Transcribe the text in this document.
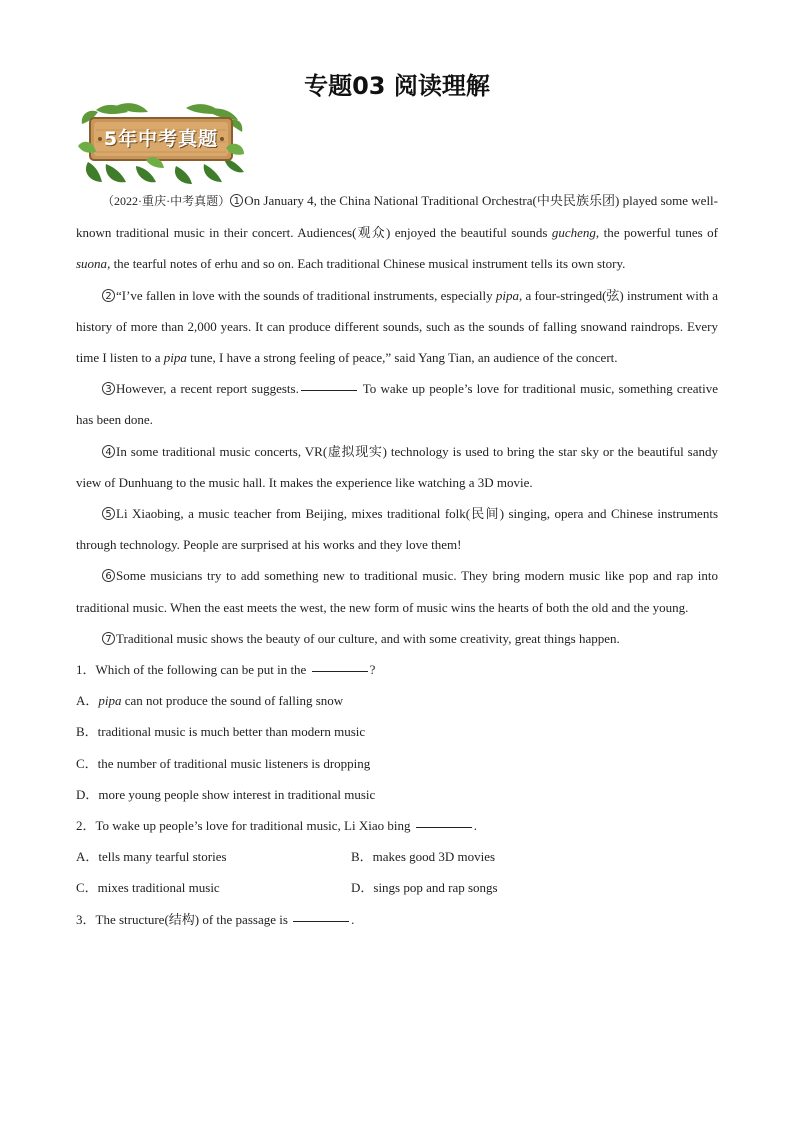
专题03 阅读理解
5年中考真题

（2022·重庆·中考真题） 1 On January 4, the China National Traditional Orchestra(中央民族乐团) played some well-known traditional music in their concert. Audiences(观众) enjoyed the beautiful sounds gucheng, the powerful tunes of suona, the tearful notes of erhu and so on. Each traditional Chinese musical instrument tells its own story.

2 “I’ve fallen in love with the sounds of traditional instruments, especially pipa, a four-stringed(弦) instrument with a history of more than 2,000 years. It can produce different sounds, such as the sounds of falling snowand raindrops. Every time I listen to a pipa tune, I have a strong feeling of peace,” said Yang Tian, an audience of the concert.

3 However, a recent report suggests.	To wake up people’s love for traditional music, something creative has been done.

4 In some traditional music concerts, VR(虚拟现实) technology is used to bring the star sky or the beautiful sandy view of Dunhuang to the music hall. It makes the experience like watching a 3D movie.

5 Li Xiaobing, a music teacher from Beijing, mixes traditional folk(民间) singing, opera and Chinese instruments through technology. People are surprised at his works and they love them!

6 Some musicians try to add something new to traditional music. They bring modern music like pop and rap into traditional music. When the east meets the west, the new form of music wins the hearts of both the old and the young.

7 Traditional music shows the beauty of our culture, and with some creativity, great things happen.

1．Which of the following can be put in the	?

A．pipa can not produce the sound of falling snow

B．traditional music is much better than modern music

C．the number of traditional music listeners is dropping

D．more young people show interest in traditional music

2．To wake up people’s love for traditional music, Li Xiao bing	.

A．tells many tearful stories	B．makes good 3D movies
C．mixes traditional music	D．sings pop and rap songs

3．The structure(结构) of the passage is	.
